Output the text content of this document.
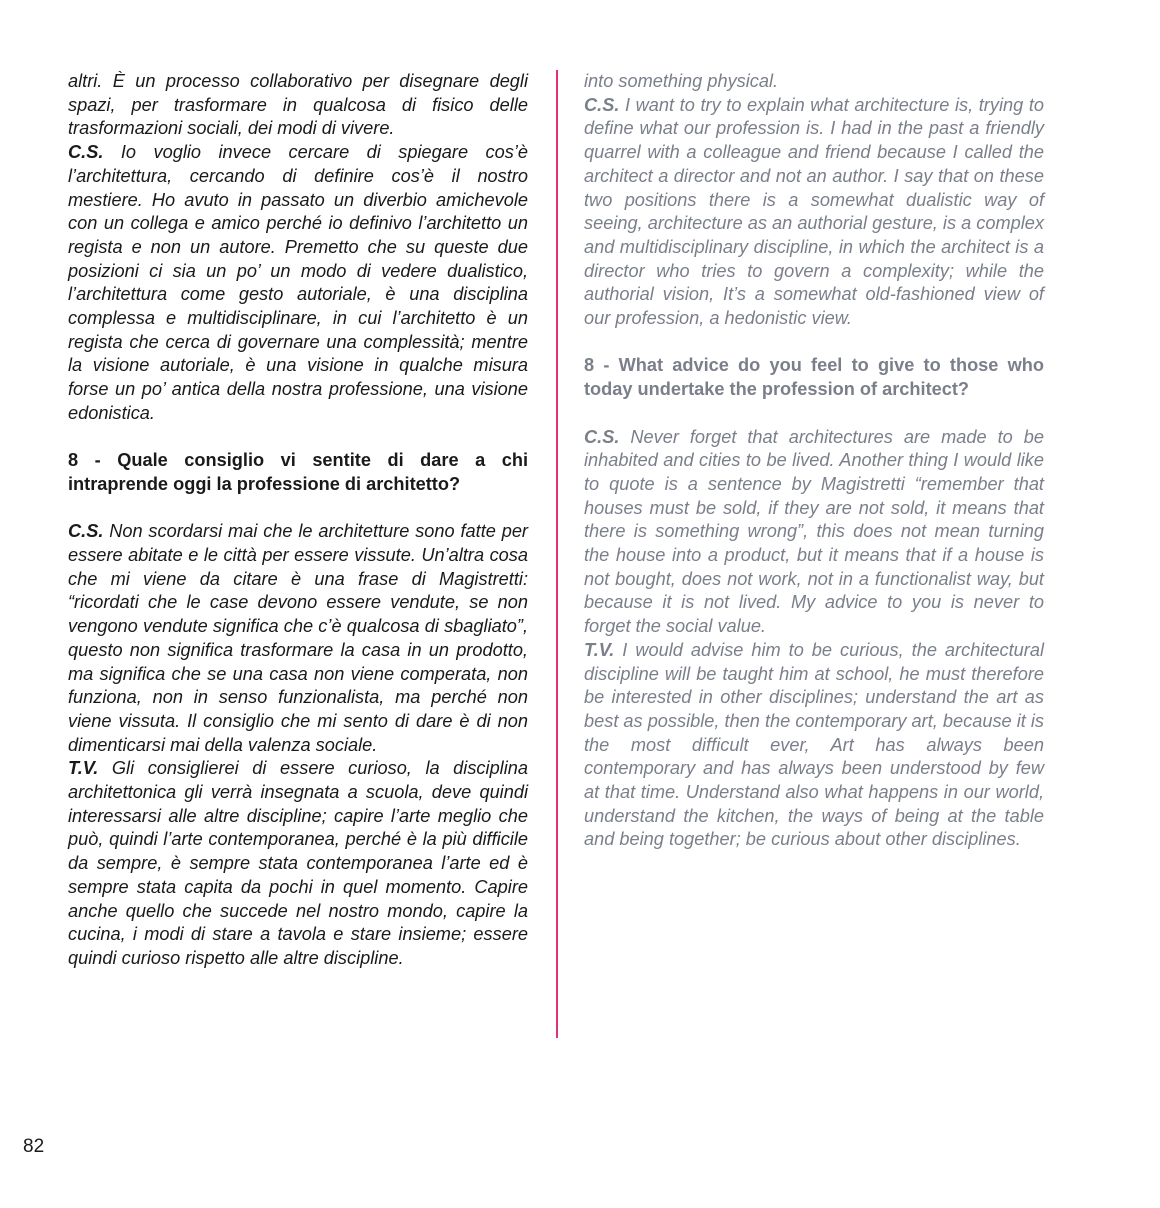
altri. È un processo collaborativo per disegnare degli spazi, per trasformare in qualcosa di fisico delle trasformazioni sociali, dei modi di vivere.

C.S. Io voglio invece cercare di spiegare cos’è l’architettura, cercando di definire cos’è il nostro mestiere. Ho avuto in passato un diverbio amichevole con un collega e amico perché io definivo l’architetto un regista e non un autore. Premetto che su queste due posizioni ci sia un po’ un modo di vedere dualistico, l’architettura come gesto autoriale, è una disciplina complessa e multidisciplinare, in cui l’architetto è un regista che cerca di governare una complessità; mentre la visione autoriale, è una visione in qualche misura forse un po’ antica della nostra professione, una visione edonistica.

8 - Quale consiglio vi sentite di dare a chi intraprende oggi la professione di architetto?

C.S. Non scordarsi mai che le architetture sono fatte per essere abitate e le città per essere vissute. Un’altra cosa che mi viene da citare è una frase di Magistretti: “ricordati che le case devono essere vendute, se non vengono vendute significa che c’è qualcosa di sbagliato”, questo non significa trasformare la casa in un prodotto, ma significa che se una casa non viene comperata, non funziona, non in senso funzionalista, ma perché non viene vissuta. Il consiglio che mi sento di dare è di non dimenticarsi mai della valenza sociale.

T.V. Gli consiglierei di essere curioso, la disciplina architettonica gli verrà insegnata a scuola, deve quindi interessarsi alle altre discipline; capire l’arte meglio che può, quindi l’arte contemporanea, perché è la più difficile da sempre, è sempre stata contemporanea l’arte ed è sempre stata capita da pochi in quel momento. Capire anche quello che succede nel nostro mondo, capire la cucina, i modi di stare a tavola e stare insieme; essere quindi curioso rispetto alle altre discipline.

into something physical.

C.S. I want to try to explain what architecture is, trying to define what our profession is. I had in the past a friendly quarrel with a colleague and friend because I called the architect a director and not an author. I say that on these two positions there is a somewhat dualistic way of seeing, architecture as an authorial gesture, is a complex and multidisciplinary discipline, in which the architect is a director who tries to govern a complexity; while the authorial vision, It’s a somewhat old-fashioned view of our profession, a hedonistic view.

8 - What advice do you feel to give to those who today undertake the profession of architect?

C.S. Never forget that architectures are made to be inhabited and cities to be lived. Another thing I would like to quote is a sentence by Magistretti “remember that houses must be sold, if they are not sold, it means that there is something wrong”, this does not mean turning the house into a product, but it means that if a house is not bought, does not work, not in a functionalist way, but because it is not lived. My advice to you is never to forget the social value.

T.V. I would advise him to be curious, the architectural discipline will be taught him at school, he must therefore be interested in other disciplines; understand the art as best as possible, then the contemporary art, because it is the most difficult ever, Art has always been contemporary and has always been understood by few at that time. Understand also what happens in our world, understand the kitchen, the ways of being at the table and being together; be curious about other disciplines.

82
